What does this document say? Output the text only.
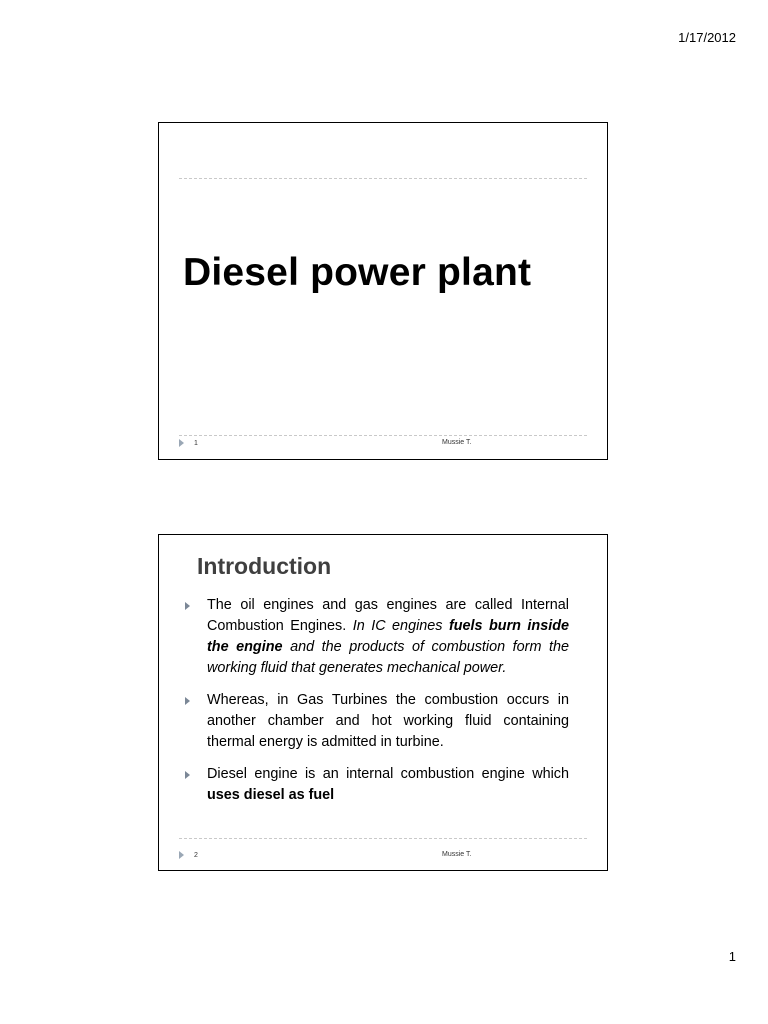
1/17/2012
Diesel power plant
1	Mussie T.
Introduction
The oil engines and gas engines are called Internal Combustion Engines. In IC engines fuels burn inside the engine and the products of combustion form the working fluid that generates mechanical power.
Whereas, in Gas Turbines the combustion occurs in another chamber and hot working fluid containing thermal energy is admitted in turbine.
Diesel engine is an internal combustion engine which uses diesel as fuel
2	Mussie T.
1
